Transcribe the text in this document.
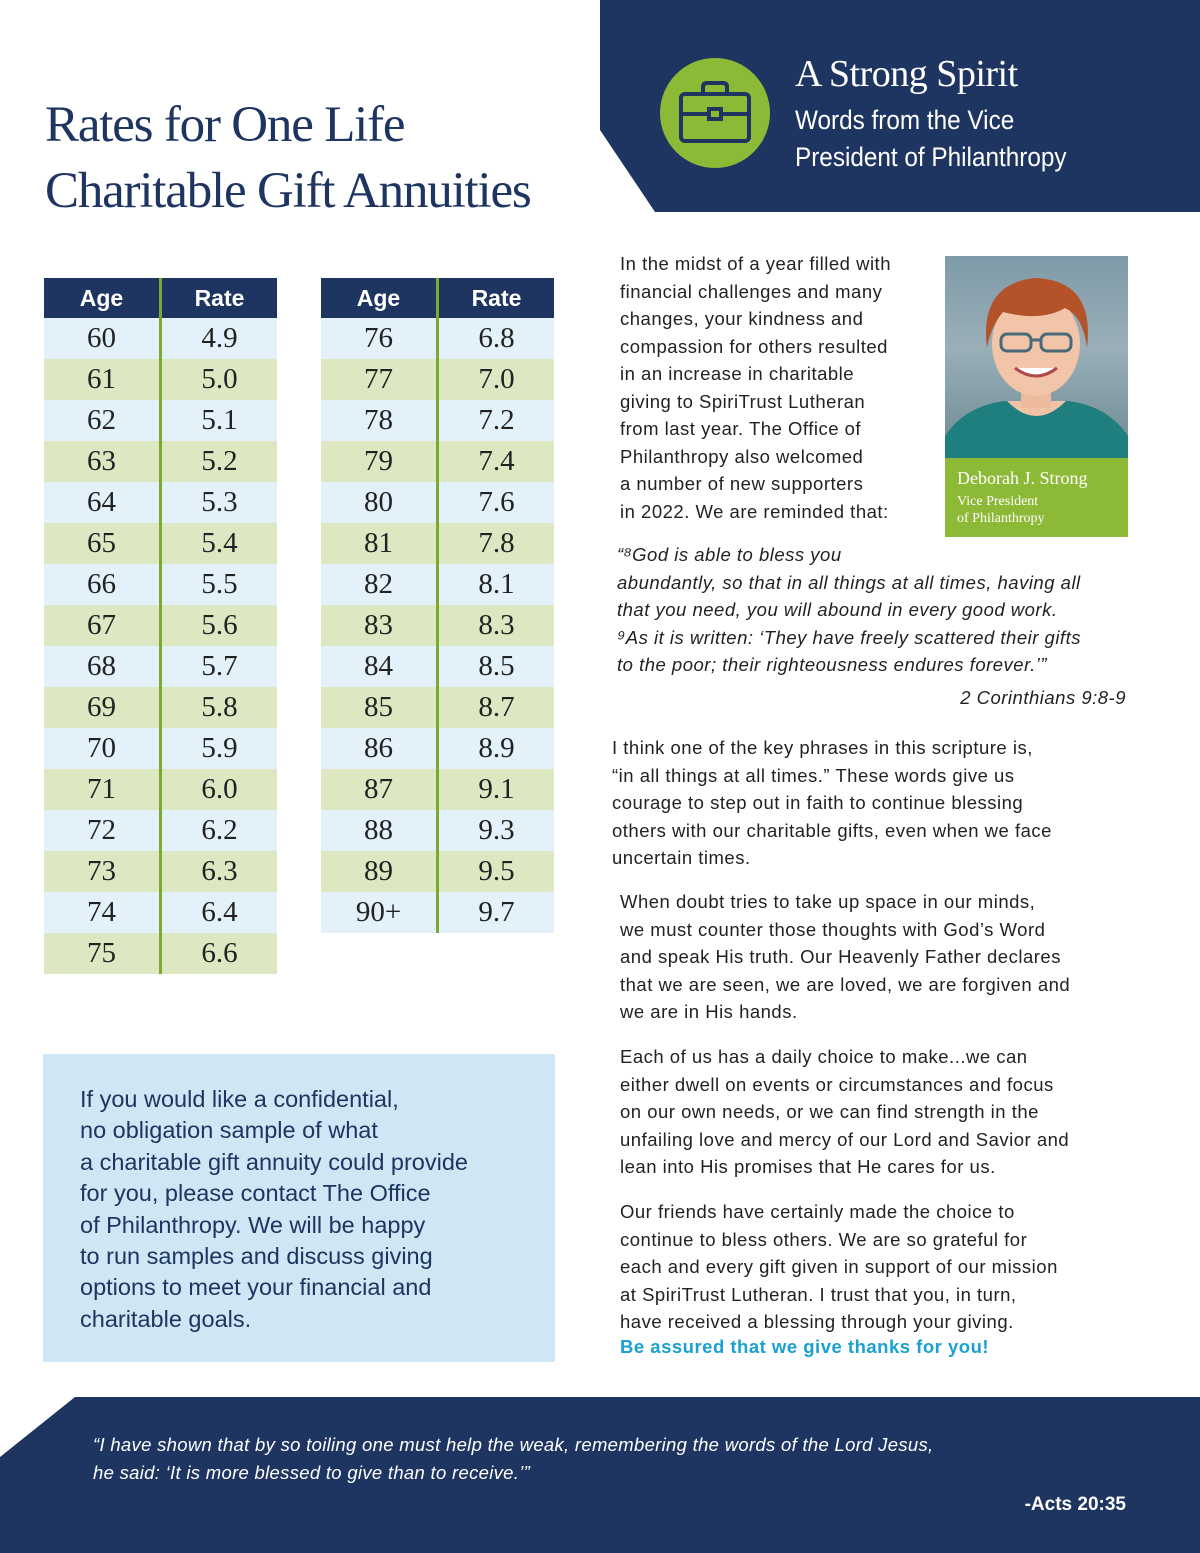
A Strong Spirit
Words from the Vice
President of Philanthropy
Rates for One Life
Charitable Gift Annuities
Age	Rate
60	4.9
61	5.0
62	5.1
63	5.2
64	5.3
65	5.4
66	5.5
67	5.6
68	5.7
69	5.8
70	5.9
71	6.0
72	6.2
73	6.3
74	6.4
75	6.6
Age	Rate
76	6.8
77	7.0
78	7.2
79	7.4
80	7.6
81	7.8
82	8.1
83	8.3
84	8.5
85	8.7
86	8.9
87	9.1
88	9.3
89	9.5
90+	9.7
If you would like a confidential,
no obligation sample of what
a charitable gift annuity could provide
for you, please contact The Office
of Philanthropy. We will be happy
to run samples and discuss giving
options to meet your financial and
charitable goals.
Deborah J. Strong
Vice President
of Philanthropy
In the midst of a year filled with
financial challenges and many
changes, your kindness and
compassion for others resulted
in an increase in charitable
giving to SpiriTrust Lutheran
from last year. The Office of
Philanthropy also welcomed
a number of new supporters
in 2022. We are reminded that:
“⁸God is able to bless you
abundantly, so that in all things at all times, having all
that you need, you will abound in every good work.
⁹As it is written: ‘They have freely scattered their gifts
to the poor; their righteousness endures forever.’”
2 Corinthians 9:8-9
I think one of the key phrases in this scripture is,
“in all things at all times.” These words give us
courage to step out in faith to continue blessing
others with our charitable gifts, even when we face
uncertain times.
When doubt tries to take up space in our minds,
we must counter those thoughts with God’s Word
and speak His truth. Our Heavenly Father declares
that we are seen, we are loved, we are forgiven and
we are in His hands.
Each of us has a daily choice to make...we can
either dwell on events or circumstances and focus
on our own needs, or we can find strength in the
unfailing love and mercy of our Lord and Savior and
lean into His promises that He cares for us.
Our friends have certainly made the choice to
continue to bless others. We are so grateful for
each and every gift given in support of our mission
at SpiriTrust Lutheran. I trust that you, in turn,
have received a blessing through your giving.
Be assured that we give thanks for you!
“I have shown that by so toiling one must help the weak, remembering the words of the Lord Jesus,
he said: ‘It is more blessed to give than to receive.’”
-Acts 20:35
